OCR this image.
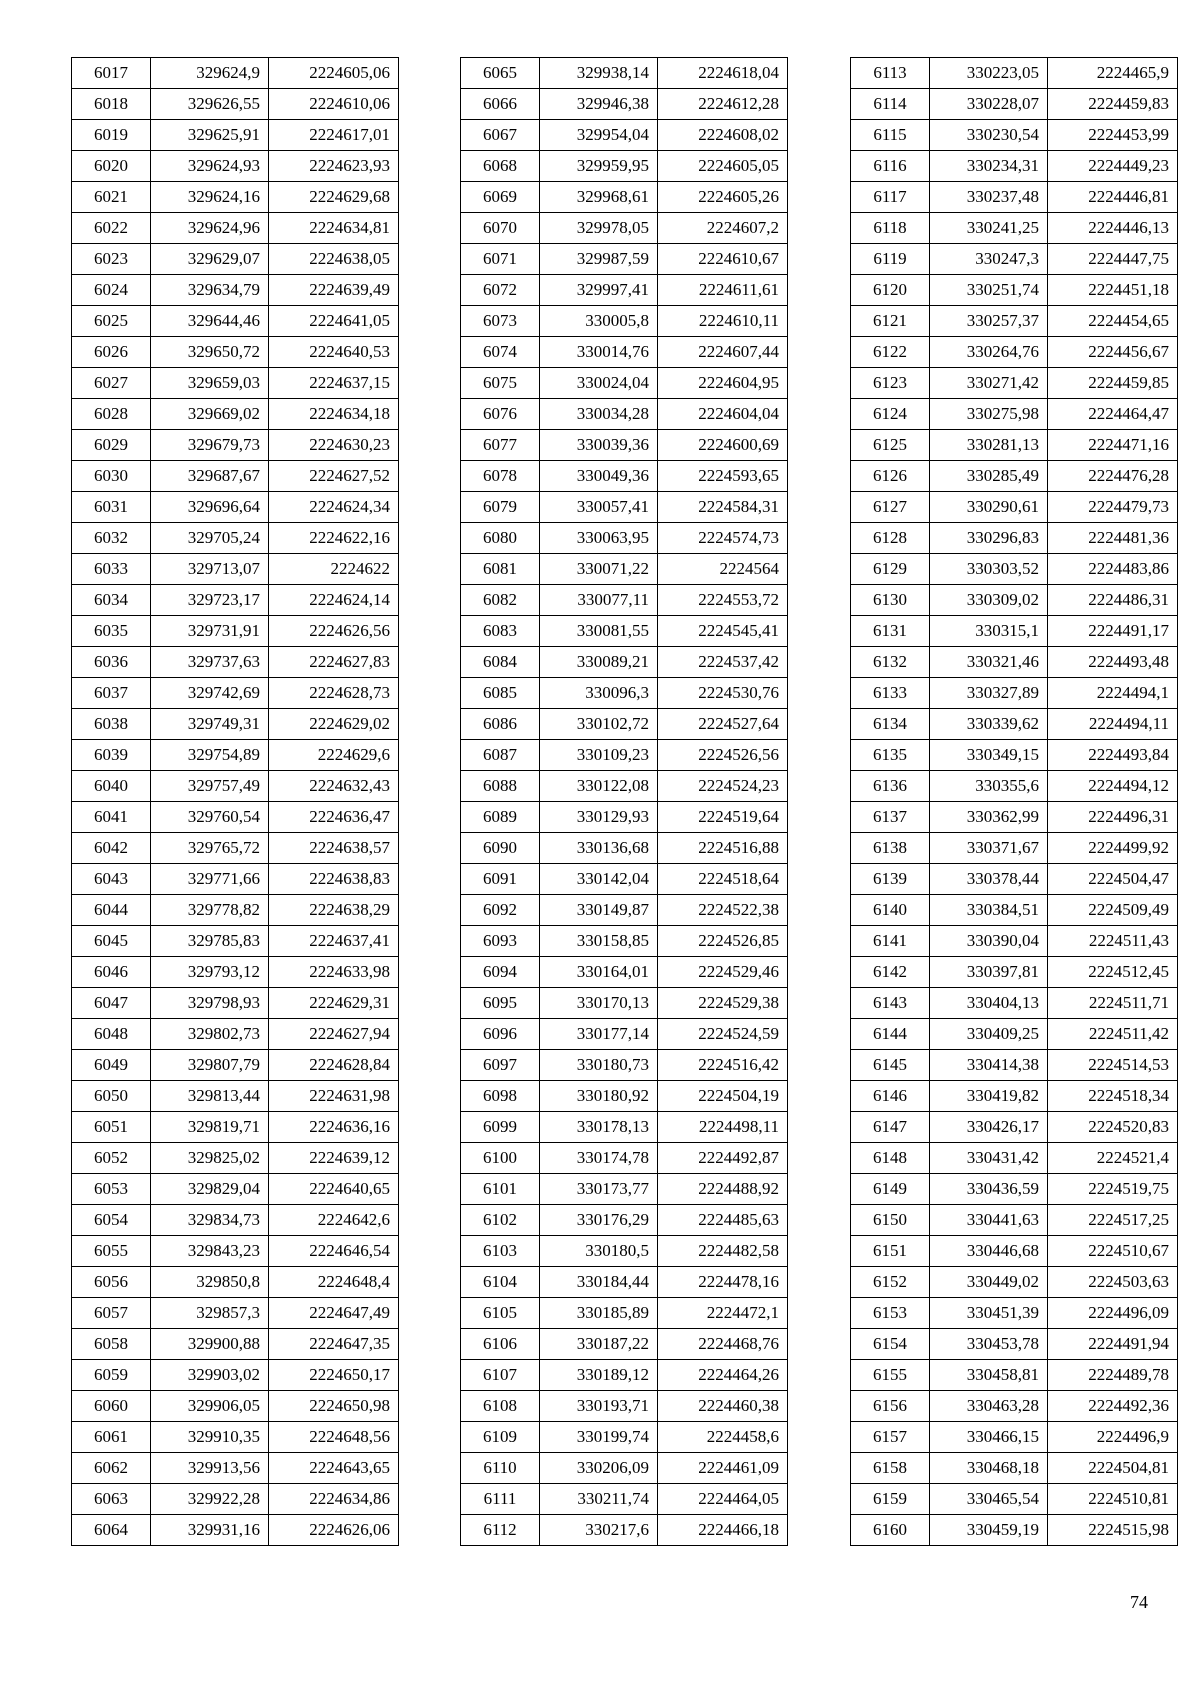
6017	329624,9	2224605,06
6018	329626,55	2224610,06
6019	329625,91	2224617,01
6020	329624,93	2224623,93
6021	329624,16	2224629,68
6022	329624,96	2224634,81
6023	329629,07	2224638,05
6024	329634,79	2224639,49
6025	329644,46	2224641,05
6026	329650,72	2224640,53
6027	329659,03	2224637,15
6028	329669,02	2224634,18
6029	329679,73	2224630,23
6030	329687,67	2224627,52
6031	329696,64	2224624,34
6032	329705,24	2224622,16
6033	329713,07	2224622
6034	329723,17	2224624,14
6035	329731,91	2224626,56
6036	329737,63	2224627,83
6037	329742,69	2224628,73
6038	329749,31	2224629,02
6039	329754,89	2224629,6
6040	329757,49	2224632,43
6041	329760,54	2224636,47
6042	329765,72	2224638,57
6043	329771,66	2224638,83
6044	329778,82	2224638,29
6045	329785,83	2224637,41
6046	329793,12	2224633,98
6047	329798,93	2224629,31
6048	329802,73	2224627,94
6049	329807,79	2224628,84
6050	329813,44	2224631,98
6051	329819,71	2224636,16
6052	329825,02	2224639,12
6053	329829,04	2224640,65
6054	329834,73	2224642,6
6055	329843,23	2224646,54
6056	329850,8	2224648,4
6057	329857,3	2224647,49
6058	329900,88	2224647,35
6059	329903,02	2224650,17
6060	329906,05	2224650,98
6061	329910,35	2224648,56
6062	329913,56	2224643,65
6063	329922,28	2224634,86
6064	329931,16	2224626,06
6065	329938,14	2224618,04
6066	329946,38	2224612,28
6067	329954,04	2224608,02
6068	329959,95	2224605,05
6069	329968,61	2224605,26
6070	329978,05	2224607,2
6071	329987,59	2224610,67
6072	329997,41	2224611,61
6073	330005,8	2224610,11
6074	330014,76	2224607,44
6075	330024,04	2224604,95
6076	330034,28	2224604,04
6077	330039,36	2224600,69
6078	330049,36	2224593,65
6079	330057,41	2224584,31
6080	330063,95	2224574,73
6081	330071,22	2224564
6082	330077,11	2224553,72
6083	330081,55	2224545,41
6084	330089,21	2224537,42
6085	330096,3	2224530,76
6086	330102,72	2224527,64
6087	330109,23	2224526,56
6088	330122,08	2224524,23
6089	330129,93	2224519,64
6090	330136,68	2224516,88
6091	330142,04	2224518,64
6092	330149,87	2224522,38
6093	330158,85	2224526,85
6094	330164,01	2224529,46
6095	330170,13	2224529,38
6096	330177,14	2224524,59
6097	330180,73	2224516,42
6098	330180,92	2224504,19
6099	330178,13	2224498,11
6100	330174,78	2224492,87
6101	330173,77	2224488,92
6102	330176,29	2224485,63
6103	330180,5	2224482,58
6104	330184,44	2224478,16
6105	330185,89	2224472,1
6106	330187,22	2224468,76
6107	330189,12	2224464,26
6108	330193,71	2224460,38
6109	330199,74	2224458,6
6110	330206,09	2224461,09
6111	330211,74	2224464,05
6112	330217,6	2224466,18
6113	330223,05	2224465,9
6114	330228,07	2224459,83
6115	330230,54	2224453,99
6116	330234,31	2224449,23
6117	330237,48	2224446,81
6118	330241,25	2224446,13
6119	330247,3	2224447,75
6120	330251,74	2224451,18
6121	330257,37	2224454,65
6122	330264,76	2224456,67
6123	330271,42	2224459,85
6124	330275,98	2224464,47
6125	330281,13	2224471,16
6126	330285,49	2224476,28
6127	330290,61	2224479,73
6128	330296,83	2224481,36
6129	330303,52	2224483,86
6130	330309,02	2224486,31
6131	330315,1	2224491,17
6132	330321,46	2224493,48
6133	330327,89	2224494,1
6134	330339,62	2224494,11
6135	330349,15	2224493,84
6136	330355,6	2224494,12
6137	330362,99	2224496,31
6138	330371,67	2224499,92
6139	330378,44	2224504,47
6140	330384,51	2224509,49
6141	330390,04	2224511,43
6142	330397,81	2224512,45
6143	330404,13	2224511,71
6144	330409,25	2224511,42
6145	330414,38	2224514,53
6146	330419,82	2224518,34
6147	330426,17	2224520,83
6148	330431,42	2224521,4
6149	330436,59	2224519,75
6150	330441,63	2224517,25
6151	330446,68	2224510,67
6152	330449,02	2224503,63
6153	330451,39	2224496,09
6154	330453,78	2224491,94
6155	330458,81	2224489,78
6156	330463,28	2224492,36
6157	330466,15	2224496,9
6158	330468,18	2224504,81
6159	330465,54	2224510,81
6160	330459,19	2224515,98
74
